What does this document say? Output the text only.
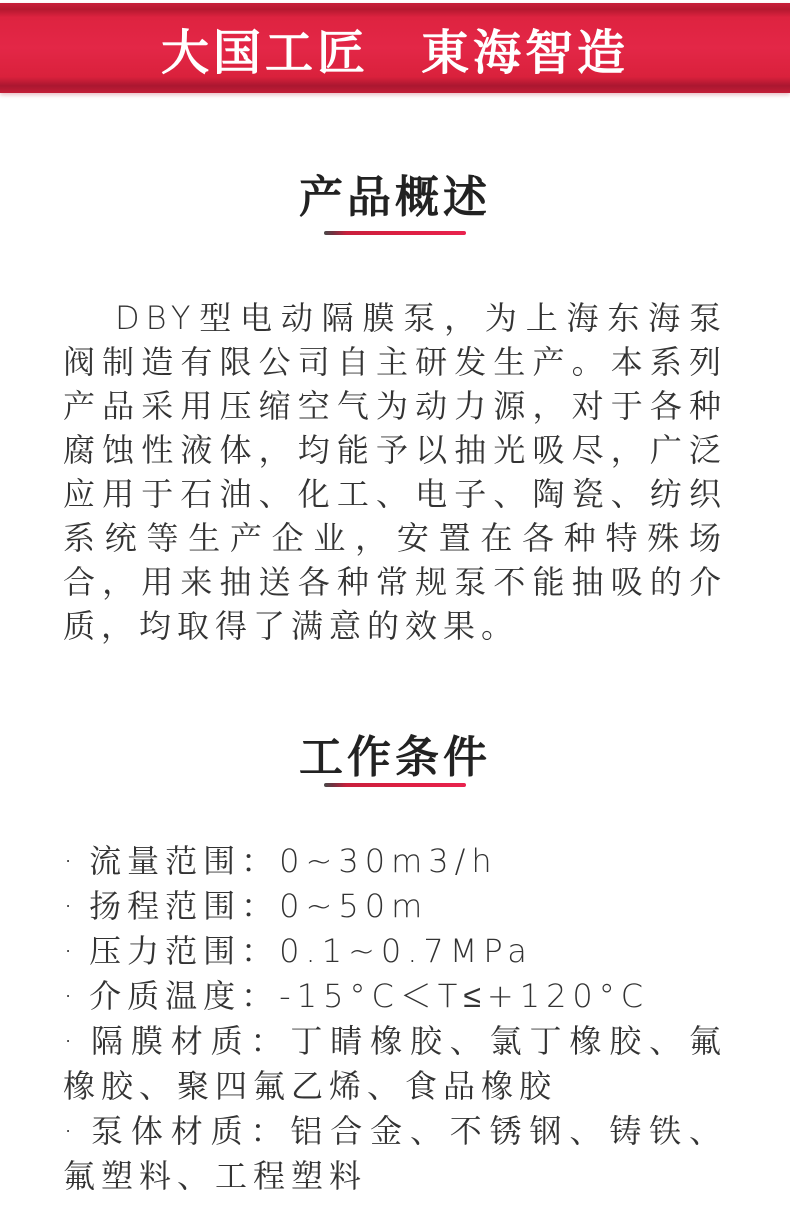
大国工匠　東海智造
产品概述

DBY型电动隔膜泵，为上海东海泵阀制造有限公司自主研发生产。本系列产品采用压缩空气为动力源，对于各种腐蚀性液体，均能予以抽光吸尽，广泛应用于石油、化工、电子、陶瓷、纺织系统等生产企业，安置在各种特殊场合，用来抽送各种常规泵不能抽吸的介质，均取得了满意的效果。

工作条件
· 流量范围：0~30m3/h
· 扬程范围：0~50m
· 压力范围：0.1~0.7MPa
· 介质温度：-15°C＜T≤+120°C
· 隔膜材质：丁睛橡胶、氯丁橡胶、氟橡胶、聚四氟乙烯、食品橡胶
· 泵体材质：铝合金、不锈钢、铸铁、氟塑料、工程塑料
